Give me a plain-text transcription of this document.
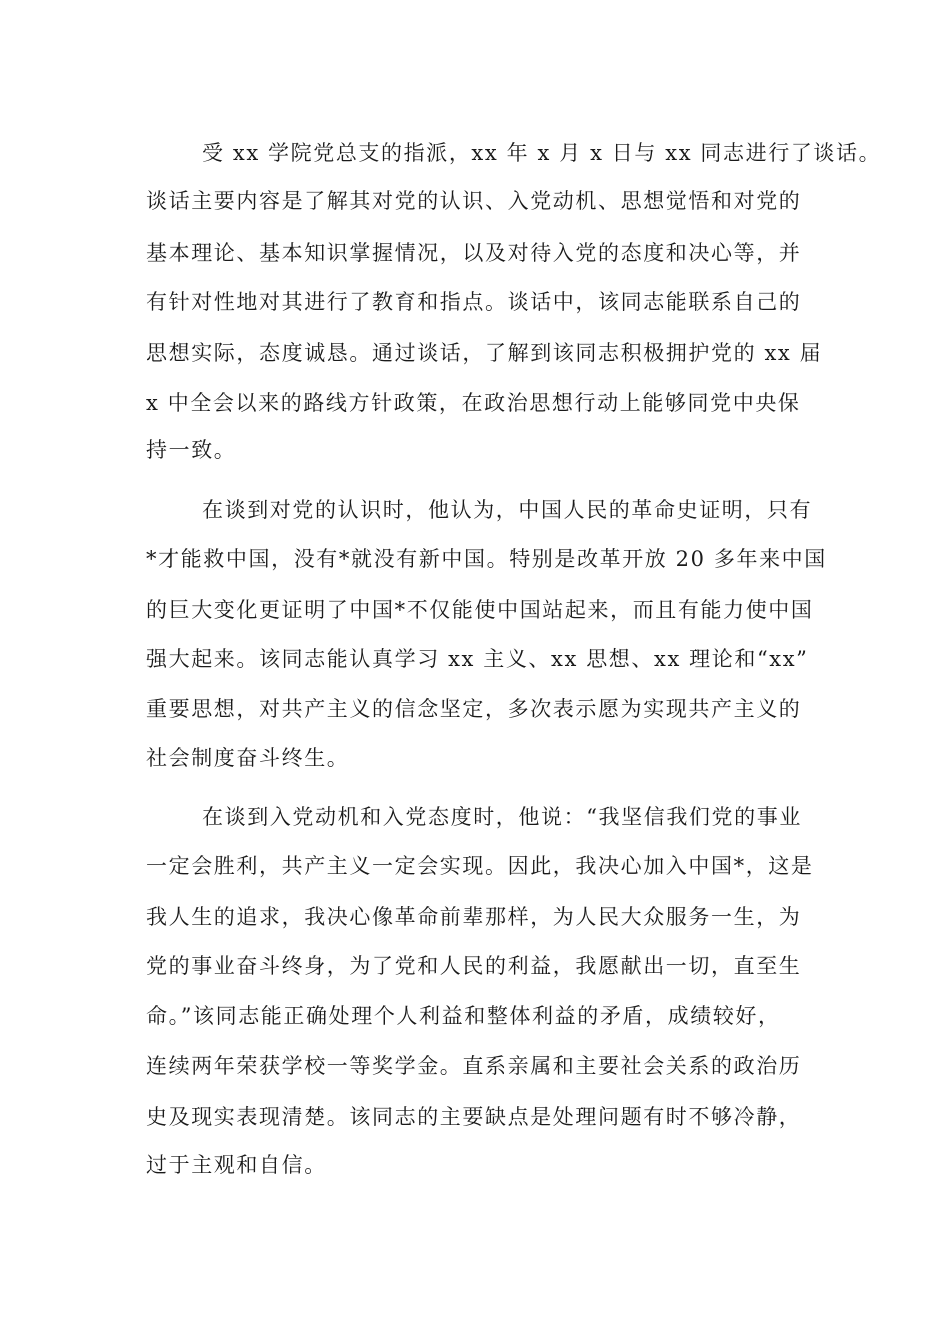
受 xx 学院党总支的指派，xx 年 x 月 x 日与 xx 同志进行了谈话。
谈话主要内容是了解其对党的认识、入党动机、思想觉悟和对党的
基本理论、基本知识掌握情况，以及对待入党的态度和决心等，并
有针对性地对其进行了教育和指点。谈话中，该同志能联系自己的
思想实际，态度诚恳。通过谈话，了解到该同志积极拥护党的 xx 届
x 中全会以来的路线方针政策，在政治思想行动上能够同党中央保
持一致。
在谈到对党的认识时，他认为，中国人民的革命史证明，只有
*才能救中国，没有*就没有新中国。特别是改革开放 20 多年来中国
的巨大变化更证明了中国*不仅能使中国站起来，而且有能力使中国
强大起来。该同志能认真学习 xx 主义、xx 思想、xx 理论和“xx”
重要思想，对共产主义的信念坚定，多次表示愿为实现共产主义的
社会制度奋斗终生。
在谈到入党动机和入党态度时，他说：“我坚信我们党的事业
一定会胜利，共产主义一定会实现。因此，我决心加入中国*，这是
我人生的追求，我决心像革命前辈那样，为人民大众服务一生，为
党的事业奋斗终身，为了党和人民的利益，我愿献出一切，直至生
命。”该同志能正确处理个人利益和整体利益的矛盾，成绩较好，
连续两年荣获学校一等奖学金。直系亲属和主要社会关系的政治历
史及现实表现清楚。该同志的主要缺点是处理问题有时不够冷静，
过于主观和自信。
